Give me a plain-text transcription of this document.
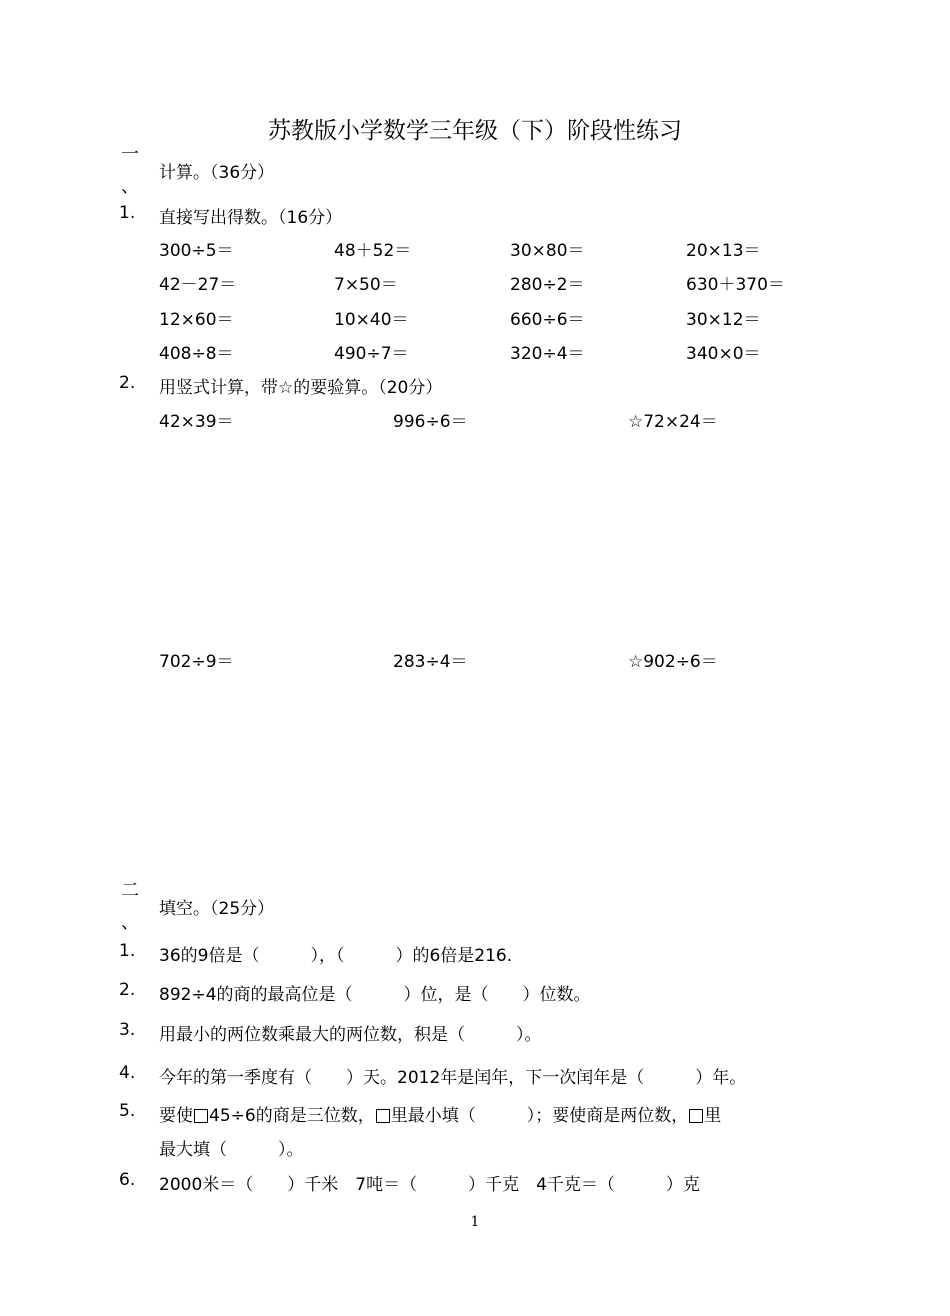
苏教版小学数学三年级（下）阶段性练习
一
、
计算。（36分）
1. 直接写出得数。（16分）
300÷5＝	48＋52＝	30×80＝	20×13＝
42－27＝	7×50＝	280÷2＝	630＋370＝
12×60＝	10×40＝	660÷6＝	30×12＝
408÷8＝	490÷7＝	320÷4＝	340×0＝
2. 用竖式计算，带☆的要验算。（20分）
42×39＝	996÷6＝	☆72×24＝
702÷9＝	283÷4＝	☆902÷6＝
二
、
填空。（25分）
1. 36的9倍是（　　　），（　　　）的6倍是216.
2. 892÷4的商的最高位是（　　　）位，是（　　）位数。
3. 用最小的两位数乘最大的两位数，积是（　　　）。
4. 今年的第一季度有（　　）天。2012年是闰年，下一次闰年是（　　　）年。
5. 要使 45÷6的商是三位数， 里最小填（　　　）；要使商是两位数， 里
最大填（　　　）。
6. 2000米＝（　　）千米　7吨＝（　　　）千克　4千克＝（　　　）克
1
